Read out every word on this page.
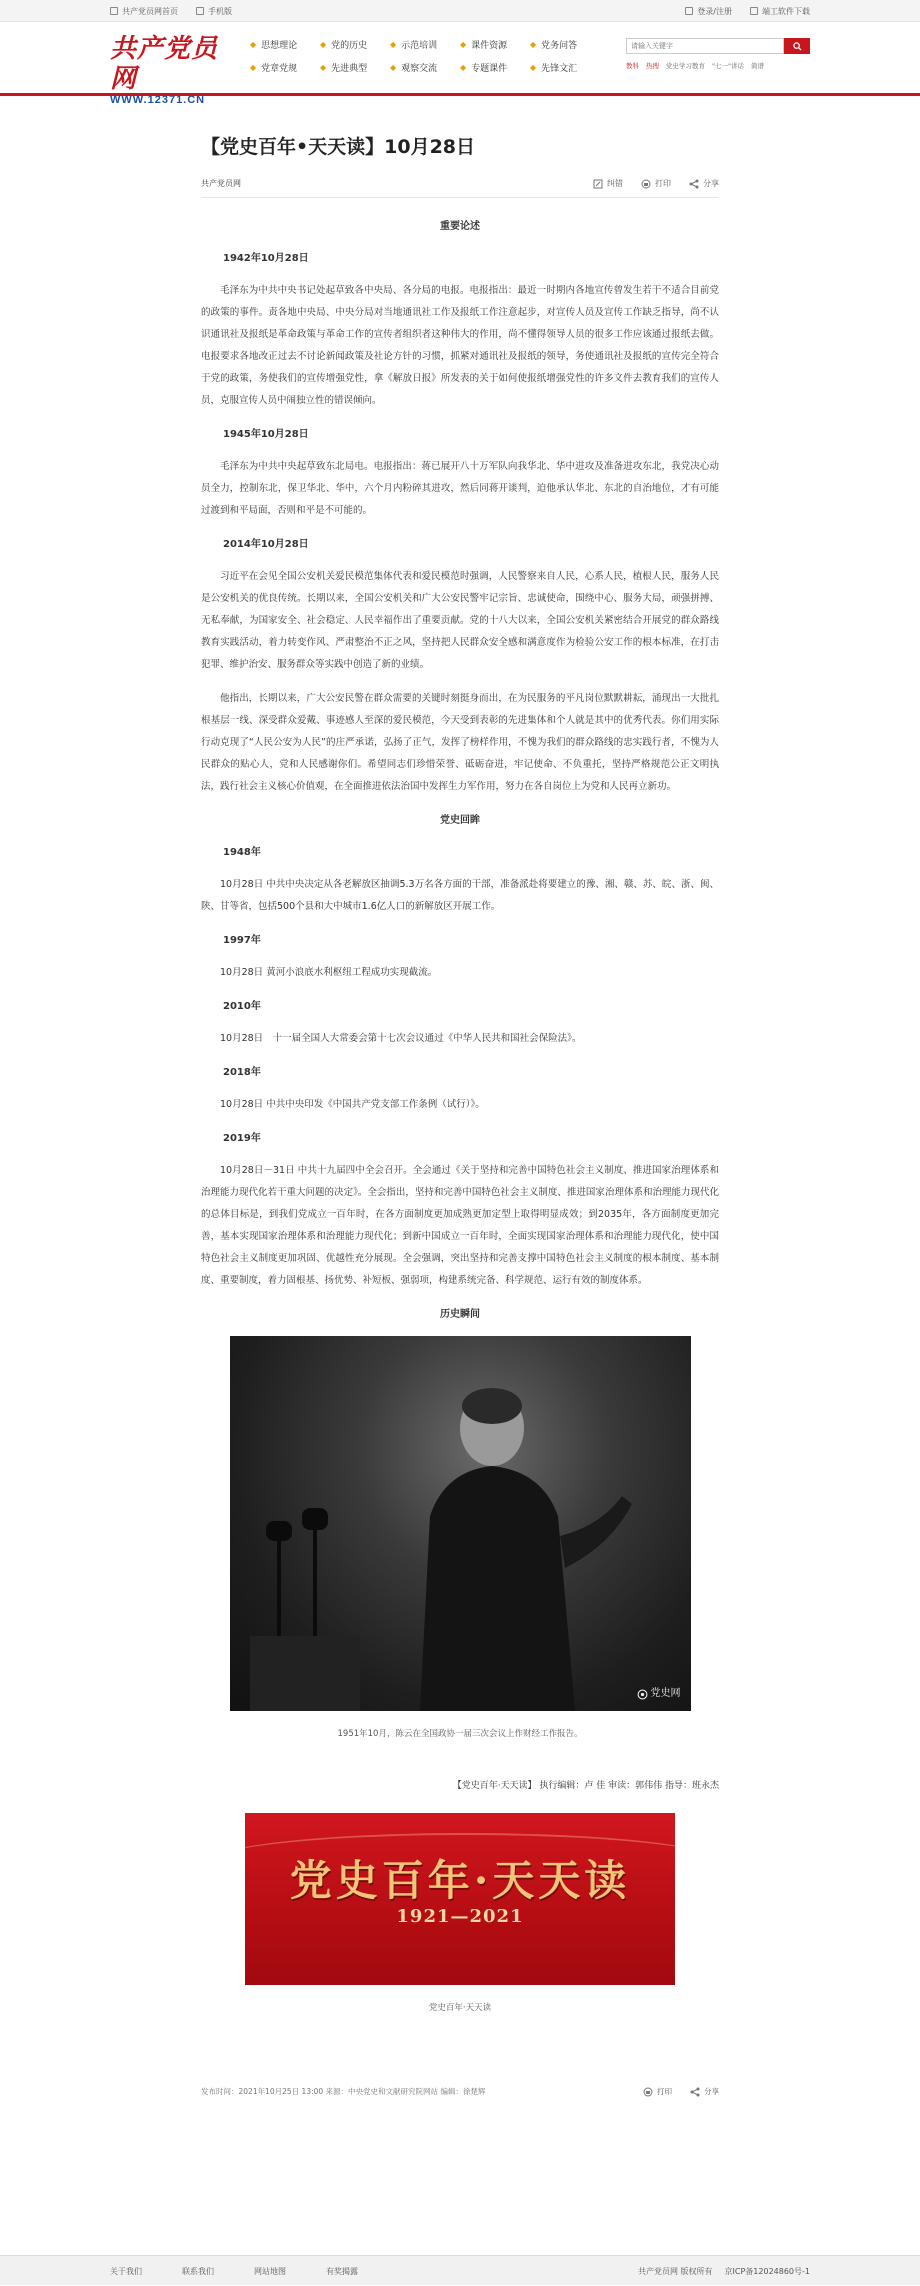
共产党员网首页	手机版	登录/注册	端工软件下载
共产党员网
WWW.12371.CN
◆ 思想理论	◆ 党的历史	◆ 示范培训	◆ 课件资源	◆ 党务问答
◆ 党章党规	◆ 先进典型	◆ 观察交流	◆ 专题课件	◆ 先锋文汇
请输入关键字	教科 热搜 党史学习教育 "七一"讲话 简谱
【党史百年•天天读】10月28日
共产党员网	纠错	打印	分享
重要论述
1942年10月28日

毛泽东为中共中央书记处起草致各中央局、各分局的电报。电报指出：最近一时期内各地宣传曾发生若干不适合目前党的政策的事件。责各地中央局、中央分局对当地通讯社工作及报纸工作注意起步，对宣传人员及宣传工作缺乏指导，尚不认识通讯社及报纸是革命政策与革命工作的宣传者组织者这种伟大的作用，尚不懂得领导人员的很多工作应该通过报纸去做。电报要求各地改正过去不讨论新闻政策及社论方针的习惯，抓紧对通讯社及报纸的领导，务使通讯社及报纸的宣传完全符合于党的政策，务使我们的宣传增强党性，拿《解放日报》所发表的关于如何使报纸增强党性的许多文件去教育我们的宣传人员，克服宣传人员中闹独立性的错误倾向。

1945年10月28日

毛泽东为中共中央起草致东北局电。电报指出：蒋已展开八十万军队向我华北、华中进攻及准备进攻东北，我党决心动员全力，控制东北，保卫华北、华中，六个月内粉碎其进攻，然后同蒋开谈判，迫他承认华北、东北的自治地位，才有可能过渡到和平局面，否则和平是不可能的。

2014年10月28日

习近平在会见全国公安机关爱民模范集体代表和爱民模范时强调，人民警察来自人民，心系人民，植根人民，服务人民是公安机关的优良传统。长期以来，全国公安机关和广大公安民警牢记宗旨、忠诚使命，围绕中心、服务大局，顽强拼搏、无私奉献，为国家安全、社会稳定、人民幸福作出了重要贡献。党的十八大以来，全国公安机关紧密结合开展党的群众路线教育实践活动，着力转变作风、严肃整治不正之风，坚持把人民群众安全感和满意度作为检验公安工作的根本标准，在打击犯罪、维护治安、服务群众等实践中创造了新的业绩。

他指出，长期以来，广大公安民警在群众需要的关键时刻挺身而出，在为民服务的平凡岗位默默耕耘，涌现出一大批扎根基层一线、深受群众爱戴、事迹感人至深的爱民模范，今天受到表彰的先进集体和个人就是其中的优秀代表。你们用实际行动克现了“人民公安为人民”的庄严承诺，弘扬了正气，发挥了榜样作用，不愧为我们的群众路线的忠实践行者，不愧为人民群众的贴心人，党和人民感谢你们。希望同志们珍惜荣誉、砥砺奋进，牢记使命、不负重托，坚持严格规范公正文明执法，践行社会主义核心价值观，在全面推进依法治国中发挥生力军作用，努力在各自岗位上为党和人民再立新功。

党史回眸
1948年

10月28日 中共中央决定从各老解放区抽调5.3万名各方面的干部，准备派赴将要建立的豫、湘、赣、苏、皖、浙、闽、陕、甘等省，包括500个县和大中城市1.6亿人口的新解放区开展工作。

1997年

10月28日 黄河小浪底水利枢纽工程成功实现截流。

2010年

10月28日　十一届全国人大常委会第十七次会议通过《中华人民共和国社会保险法》。

2018年

10月28日 中共中央印发《中国共产党支部工作条例（试行）》。

2019年

10月28日－31日 中共十九届四中全会召开。全会通过《关于坚持和完善中国特色社会主义制度、推进国家治理体系和治理能力现代化若干重大问题的决定》。全会指出，坚持和完善中国特色社会主义制度、推进国家治理体系和治理能力现代化的总体目标是，到我们党成立一百年时，在各方面制度更加成熟更加定型上取得明显成效；到2035年，各方面制度更加完善，基本实现国家治理体系和治理能力现代化；到新中国成立一百年时，全面实现国家治理体系和治理能力现代化，使中国特色社会主义制度更加巩固、优越性充分展现。全会强调，突出坚持和完善支撑中国特色社会主义制度的根本制度、基本制度、重要制度，着力固根基、扬优势、补短板、强弱项，构建系统完备、科学规范、运行有效的制度体系。

历史瞬间
党史网
1951年10月，陈云在全国政协一届三次会议上作财经工作报告。
【党史百年·天天读】 执行编辑：卢 佳 审读：郭伟伟 指导：班永杰
党史百年·天天读
1921—2021
党史百年·天天读
发布时间：2021年10月25日 13:00 来源：中央党史和文献研究院网站 编辑：徐楚辉	打印	分享
关于我们	联系我们	网站地图	有奖揭露	共产党员网 版权所有 京ICP备12024860号-1
